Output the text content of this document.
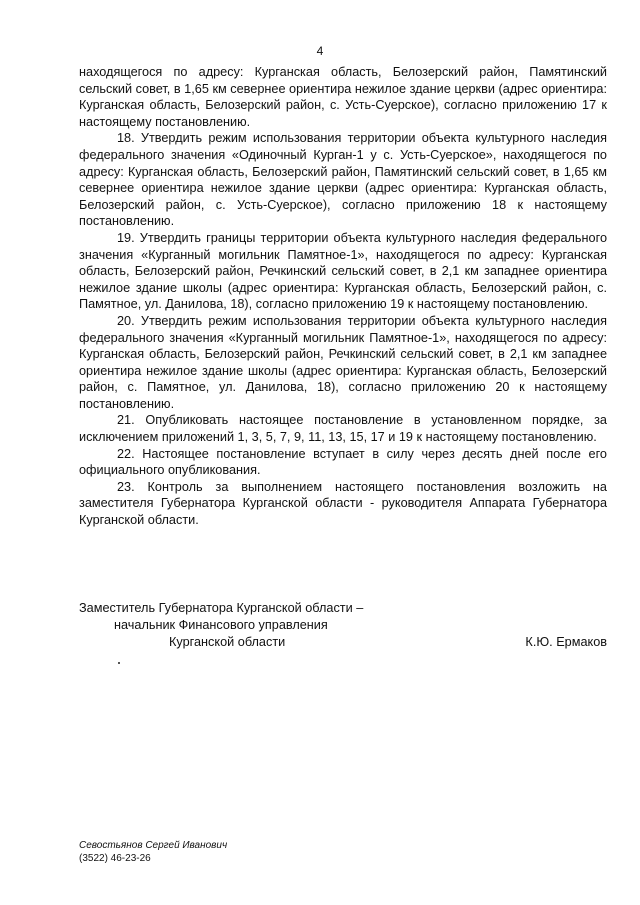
4

находящегося по адресу: Курганская область, Белозерский район, Памятинский сельский совет, в 1,65 км севернее ориентира нежилое здание церкви (адрес ориентира: Курганская область, Белозерский район, с. Усть-Суерское), согласно приложению 17 к настоящему постановлению.

18. Утвердить режим использования территории объекта культурного наследия федерального значения «Одиночный Курган-1 у с. Усть-Суерское», находящегося по адресу: Курганская область, Белозерский район, Памятинский сельский совет, в 1,65 км севернее ориентира нежилое здание церкви (адрес ориентира: Курганская область, Белозерский район, с. Усть-Суерское), согласно приложению 18 к настоящему постановлению.

19. Утвердить границы территории объекта культурного наследия федерального значения «Курганный могильник Памятное-1», находящегося по адресу: Курганская область, Белозерский район, Речкинский сельский совет, в 2,1 км западнее ориентира нежилое здание школы (адрес ориентира: Курганская область, Белозерский район, с. Памятное, ул. Данилова, 18), согласно приложению 19 к настоящему постановлению.

20. Утвердить режим использования территории объекта культурного наследия федерального значения «Курганный могильник Памятное-1», находящегося по адресу: Курганская область, Белозерский район, Речкинский сельский совет, в 2,1 км западнее ориентира нежилое здание школы (адрес ориентира: Курганская область, Белозерский район, с. Памятное, ул. Данилова, 18), согласно приложению 20 к настоящему постановлению.

21. Опубликовать настоящее постановление в установленном порядке, за исключением приложений 1, 3, 5, 7, 9, 11, 13, 15, 17 и 19 к настоящему постановлению.

22. Настоящее постановление вступает в силу через десять дней после его официального опубликования.

23. Контроль за выполнением настоящего постановления возложить на заместителя Губернатора Курганской области - руководителя Аппарата Губернатора Курганской области.

Заместитель Губернатора Курганской области –
начальник Финансового управления
Курганской области	К.Ю. Ермаков
Севостьянов Сергей Иванович
(3522) 46-23-26
